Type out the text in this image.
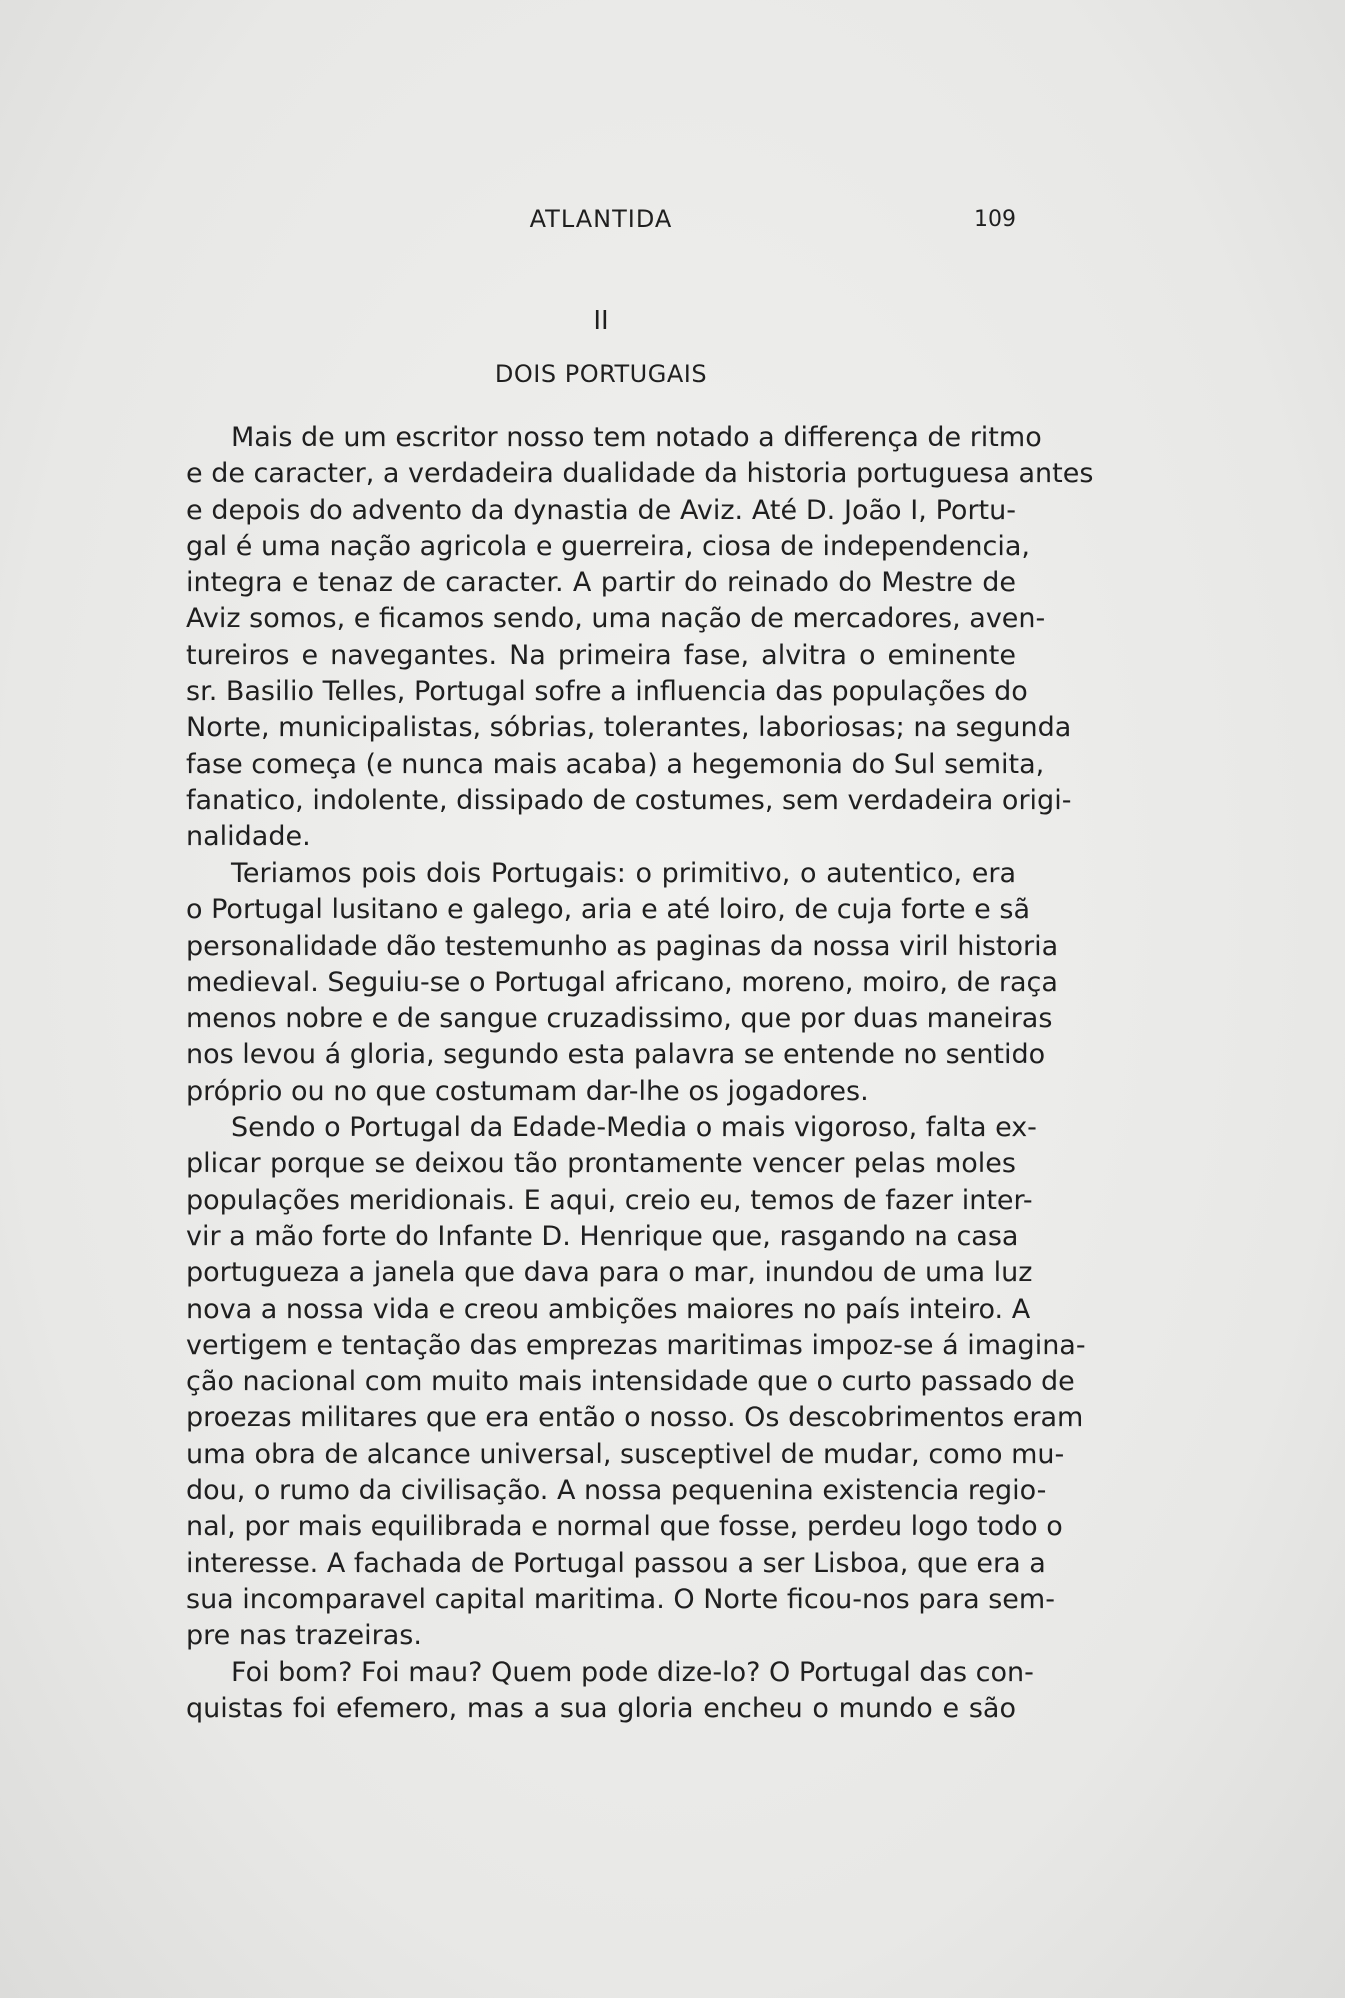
ATLANTIDA	109
II
DOIS PORTUGAIS
Mais de um escritor nosso tem notado a differença de ritmo
e de caracter, a verdadeira dualidade da historia portuguesa antes
e depois do advento da dynastia de Aviz. Até D. João I, Portu-
gal é uma nação agricola e guerreira, ciosa de independencia,
integra e tenaz de caracter. A partir do reinado do Mestre de
Aviz somos, e ficamos sendo, uma nação de mercadores, aven-
tureiros e navegantes. Na primeira fase, alvitra o eminente
sr. Basilio Telles, Portugal sofre a influencia das populações do
Norte, municipalistas, sóbrias, tolerantes, laboriosas; na segunda
fase começa (e nunca mais acaba) a hegemonia do Sul semita,
fanatico, indolente, dissipado de costumes, sem verdadeira origi-
nalidade.
Teriamos pois dois Portugais: o primitivo, o autentico, era
o Portugal lusitano e galego, aria e até loiro, de cuja forte e sã
personalidade dão testemunho as paginas da nossa viril historia
medieval. Seguiu-se o Portugal africano, moreno, moiro, de raça
menos nobre e de sangue cruzadissimo, que por duas maneiras
nos levou á gloria, segundo esta palavra se entende no sentido
próprio ou no que costumam dar-lhe os jogadores.
Sendo o Portugal da Edade-Media o mais vigoroso, falta ex-
plicar porque se deixou tão prontamente vencer pelas moles
populações meridionais. E aqui, creio eu, temos de fazer inter-
vir a mão forte do Infante D. Henrique que, rasgando na casa
portugueza a janela que dava para o mar, inundou de uma luz
nova a nossa vida e creou ambições maiores no país inteiro. A
vertigem e tentação das emprezas maritimas impoz-se á imagina-
ção nacional com muito mais intensidade que o curto passado de
proezas militares que era então o nosso. Os descobrimentos eram
uma obra de alcance universal, susceptivel de mudar, como mu-
dou, o rumo da civilisação. A nossa pequenina existencia regio-
nal, por mais equilibrada e normal que fosse, perdeu logo todo o
interesse. A fachada de Portugal passou a ser Lisboa, que era a
sua incomparavel capital maritima. O Norte ficou-nos para sem-
pre nas trazeiras.
Foi bom? Foi mau? Quem pode dize-lo? O Portugal das con-
quistas foi efemero, mas a sua gloria encheu o mundo e são
